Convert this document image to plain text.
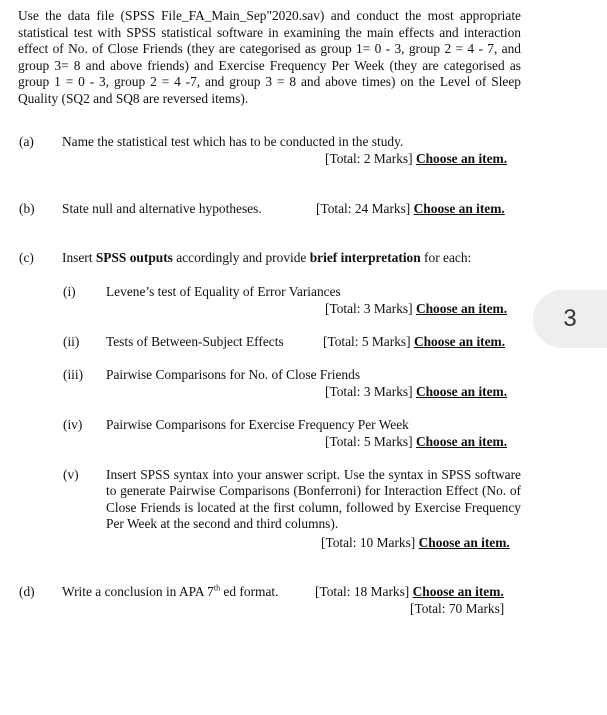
Use the data file (SPSS File_FA_Main_Sep"2020.sav) and conduct the most appropriate statistical test with SPSS statistical software in examining the main effects and interaction effect of No. of Close Friends (they are categorised as group 1= 0 - 3, group 2 = 4 - 7, and group 3= 8 and above friends) and Exercise Frequency Per Week (they are categorised as group 1 = 0 - 3, group 2 = 4 -7, and group 3 = 8 and above times) on the Level of Sleep Quality (SQ2 and SQ8 are reversed items).
(a) Name the statistical test which has to be conducted in the study.
[Total: 2 Marks] Choose an item.
(b) State null and alternative hypotheses.	[Total: 24 Marks] Choose an item.
(c) Insert SPSS outputs accordingly and provide brief interpretation for each:
(i) Levene’s test of Equality of Error Variances
[Total: 3 Marks] Choose an item.	3
(ii) Tests of Between-Subject Effects	[Total: 5 Marks] Choose an item.
(iii) Pairwise Comparisons for No. of Close Friends
[Total: 3 Marks] Choose an item.
(iv) Pairwise Comparisons for Exercise Frequency Per Week
[Total: 5 Marks] Choose an item.
(v) Insert SPSS syntax into your answer script. Use the syntax in SPSS software to generate Pairwise Comparisons (Bonferroni) for Interaction Effect (No. of Close Friends is located at the first column, followed by Exercise Frequency Per Week at the second and third columns).
[Total: 10 Marks] Choose an item.
(d) Write a conclusion in APA 7th ed format.	[Total: 18 Marks] Choose an item.
[Total: 70 Marks]
